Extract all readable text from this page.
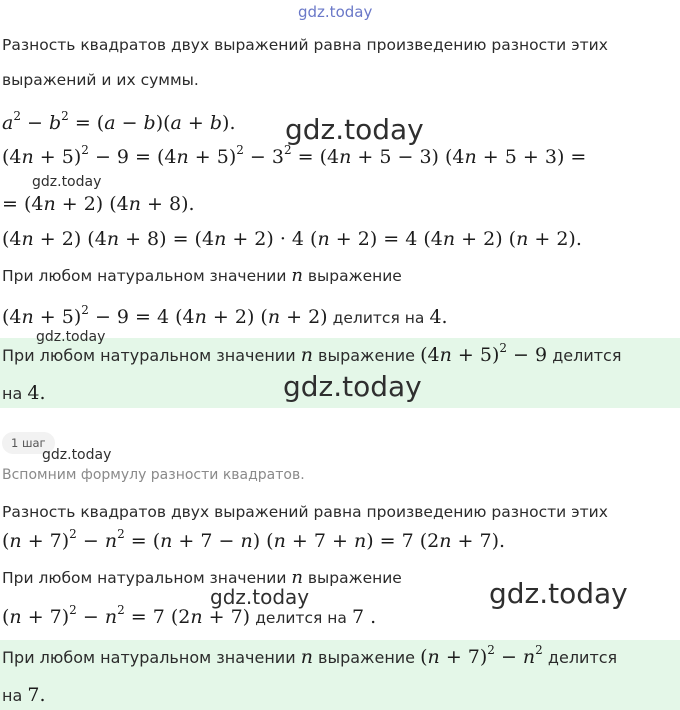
gdz.today
Разность квадратов двух выражений равна произведению разности этих
выражений и их суммы.
$a^2 - b^2 = (a - b)(a + b)$.
$(4n + 5)^2 - 9 = (4n + 5)^2 - 3^2 = (4n + 5 - 3)$ (4n + 5 + 3) =
= (4n + 2) (4n + 8).
(4n + 2) (4n + 8) = (4n + 2) · 4 (n + 2) = 4 (4n + 2) (n + 2).
При любом натуральном значении n выражение
$(4n + 5)^2 - 9 = 4$ (4n + 2) (n + 2) делится на 4.
При любом натуральном значении n выражение $(4n + 5)^2 - 9$ делится
на 4.
1 шаг
Вспомним формулу разности квадратов.
Разность квадратов двух выражений равна произведению разности этих
$(n + 7)^2 - n^2 = (n + 7 - n)$ (n + 7 + n) = 7 (2n + 7).
При любом натуральном значении n выражение
$(n + 7)^2 - n^2 = 7$ (2n + 7) делится на 7 .
При любом натуральном значении n выражение $(n + 7)^2 - n^2$ делится
на 7.
gdz.today
gdz.today
gdz.today
gdz.today
gdz.today
gdz.today
gdz.today
